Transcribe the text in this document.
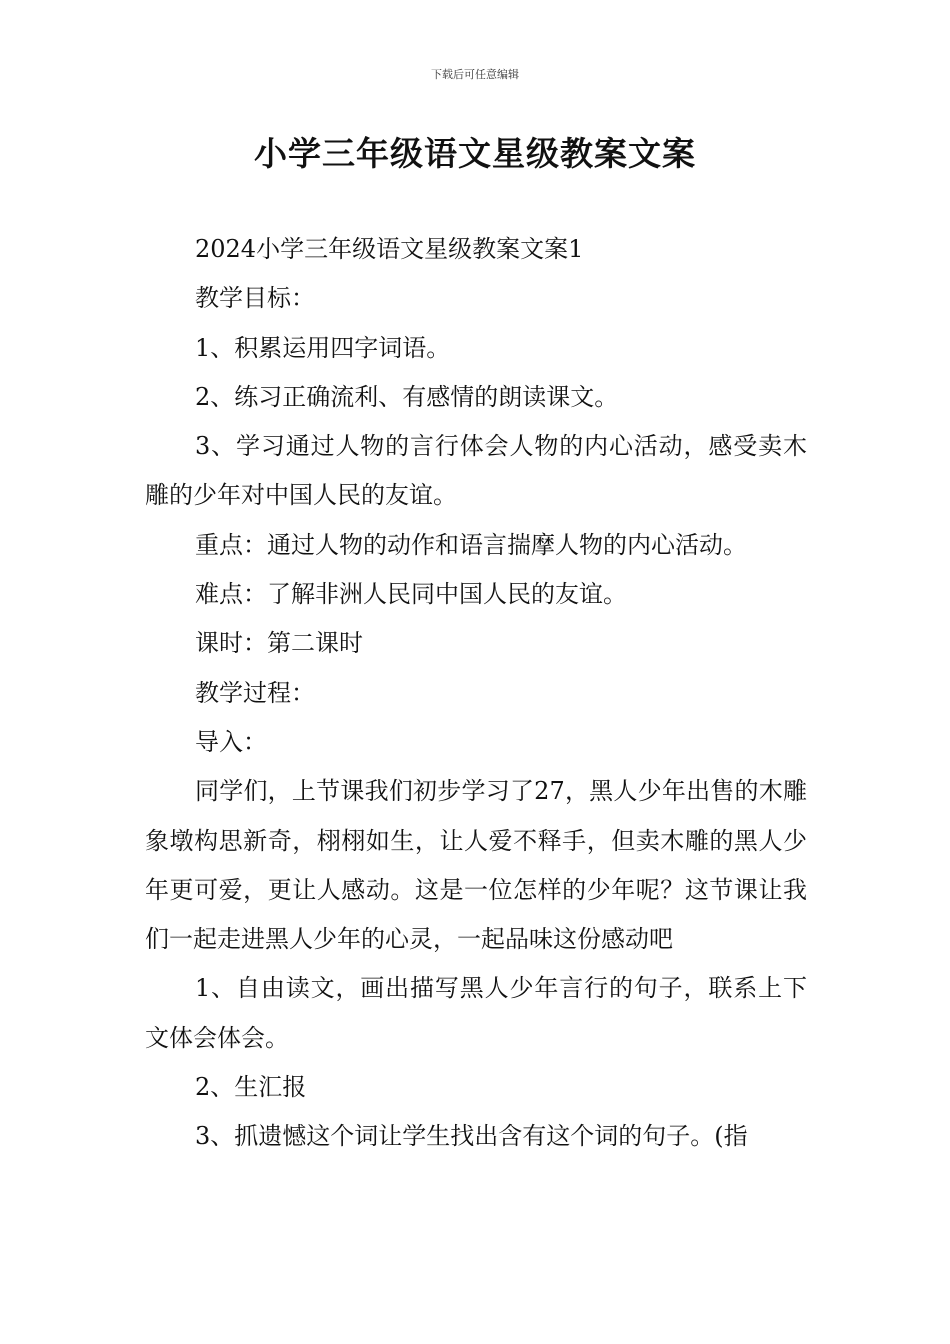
下载后可任意编辑
小学三年级语文星级教案文案

2024小学三年级语文星级教案文案1

教学目标：

1、积累运用四字词语。

2、练习正确流利、有感情的朗读课文。

3、学习通过人物的言行体会人物的内心活动，感受卖木雕的少年对中国人民的友谊。

重点：通过人物的动作和语言揣摩人物的内心活动。

难点：了解非洲人民同中国人民的友谊。

课时：第二课时

教学过程：

导入：

同学们，上节课我们初步学习了27，黑人少年出售的木雕象墩构思新奇，栩栩如生，让人爱不释手，但卖木雕的黑人少年更可爱，更让人感动。这是一位怎样的少年呢？这节课让我们一起走进黑人少年的心灵，一起品味这份感动吧

1、自由读文，画出描写黑人少年言行的句子，联系上下文体会体会。

2、生汇报

3、抓遗憾这个词让学生找出含有这个词的句子。(指
